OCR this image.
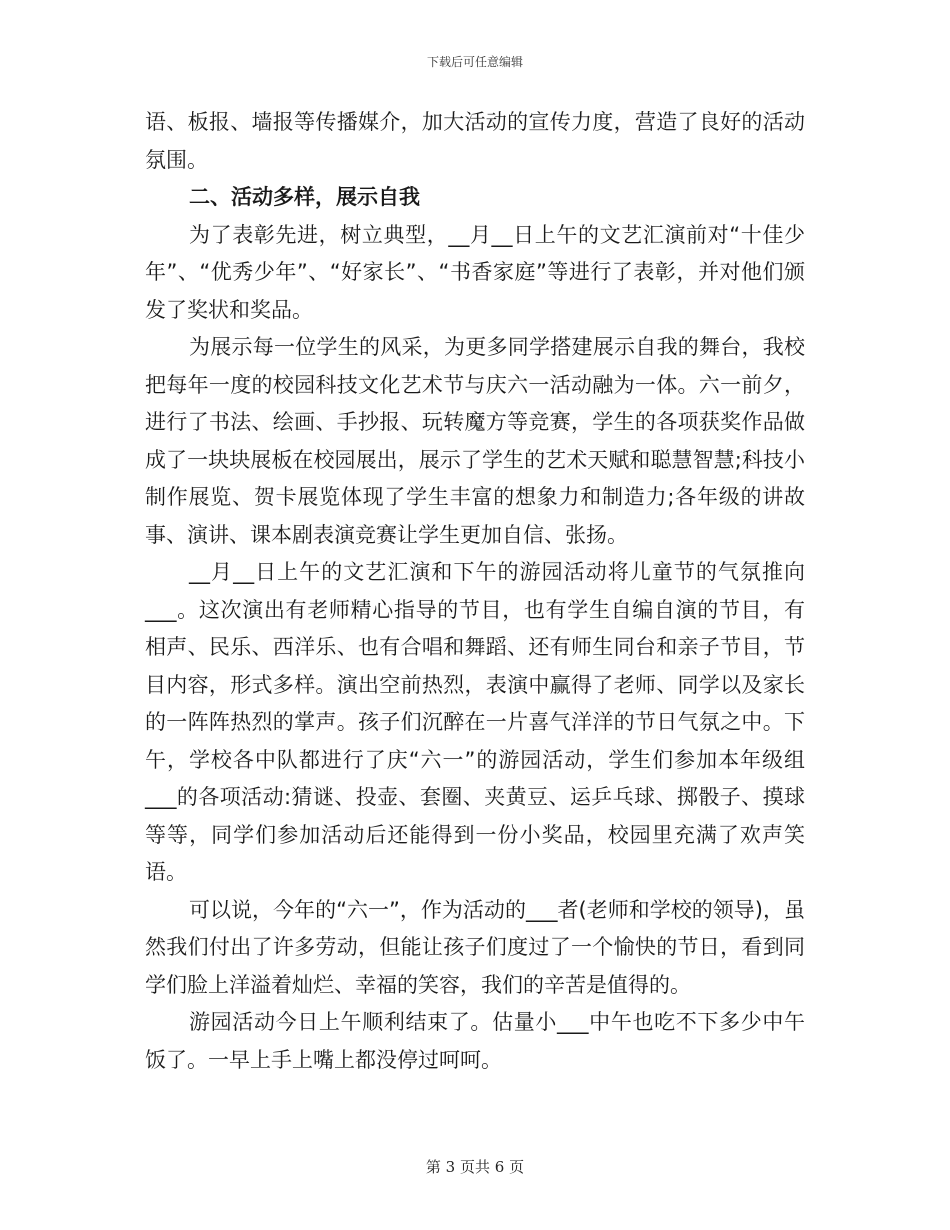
下载后可任意编辑

语、板报、墙报等传播媒介，加大活动的宣传力度，营造了良好的活动氛围。

二、活动多样，展示自我

为了表彰先进，树立典型，__月__日上午的文艺汇演前对“十佳少年”、“优秀少年”、“好家长”、“书香家庭”等进行了表彰，并对他们颁发了奖状和奖品。

为展示每一位学生的风采，为更多同学搭建展示自我的舞台，我校把每年一度的校园科技文化艺术节与庆六一活动融为一体。六一前夕，进行了书法、绘画、手抄报、玩转魔方等竞赛，学生的各项获奖作品做成了一块块展板在校园展出，展示了学生的艺术天赋和聪慧智慧;科技小制作展览、贺卡展览体现了学生丰富的想象力和制造力;各年级的讲故事、演讲、课本剧表演竞赛让学生更加自信、张扬。

__月__日上午的文艺汇演和下午的游园活动将儿童节的气氛推向___。这次演出有老师精心指导的节目，也有学生自编自演的节目，有相声、民乐、西洋乐、也有合唱和舞蹈、还有师生同台和亲子节目，节目内容，形式多样。演出空前热烈，表演中赢得了老师、同学以及家长的一阵阵热烈的掌声。孩子们沉醉在一片喜气洋洋的节日气氛之中。下午，学校各中队都进行了庆“六一”的游园活动，学生们参加本年级组___的各项活动:猜谜、投壶、套圈、夹黄豆、运乒乓球、掷骰子、摸球等等，同学们参加活动后还能得到一份小奖品，校园里充满了欢声笑语。

可以说，今年的“六一”，作为活动的___者(老师和学校的领导)，虽然我们付出了许多劳动，但能让孩子们度过了一个愉快的节日，看到同学们脸上洋溢着灿烂、幸福的笑容，我们的辛苦是值得的。

游园活动今日上午顺利结束了。估量小___中午也吃不下多少中午饭了。一早上手上嘴上都没停过呵呵。

第 3 页共 6 页
